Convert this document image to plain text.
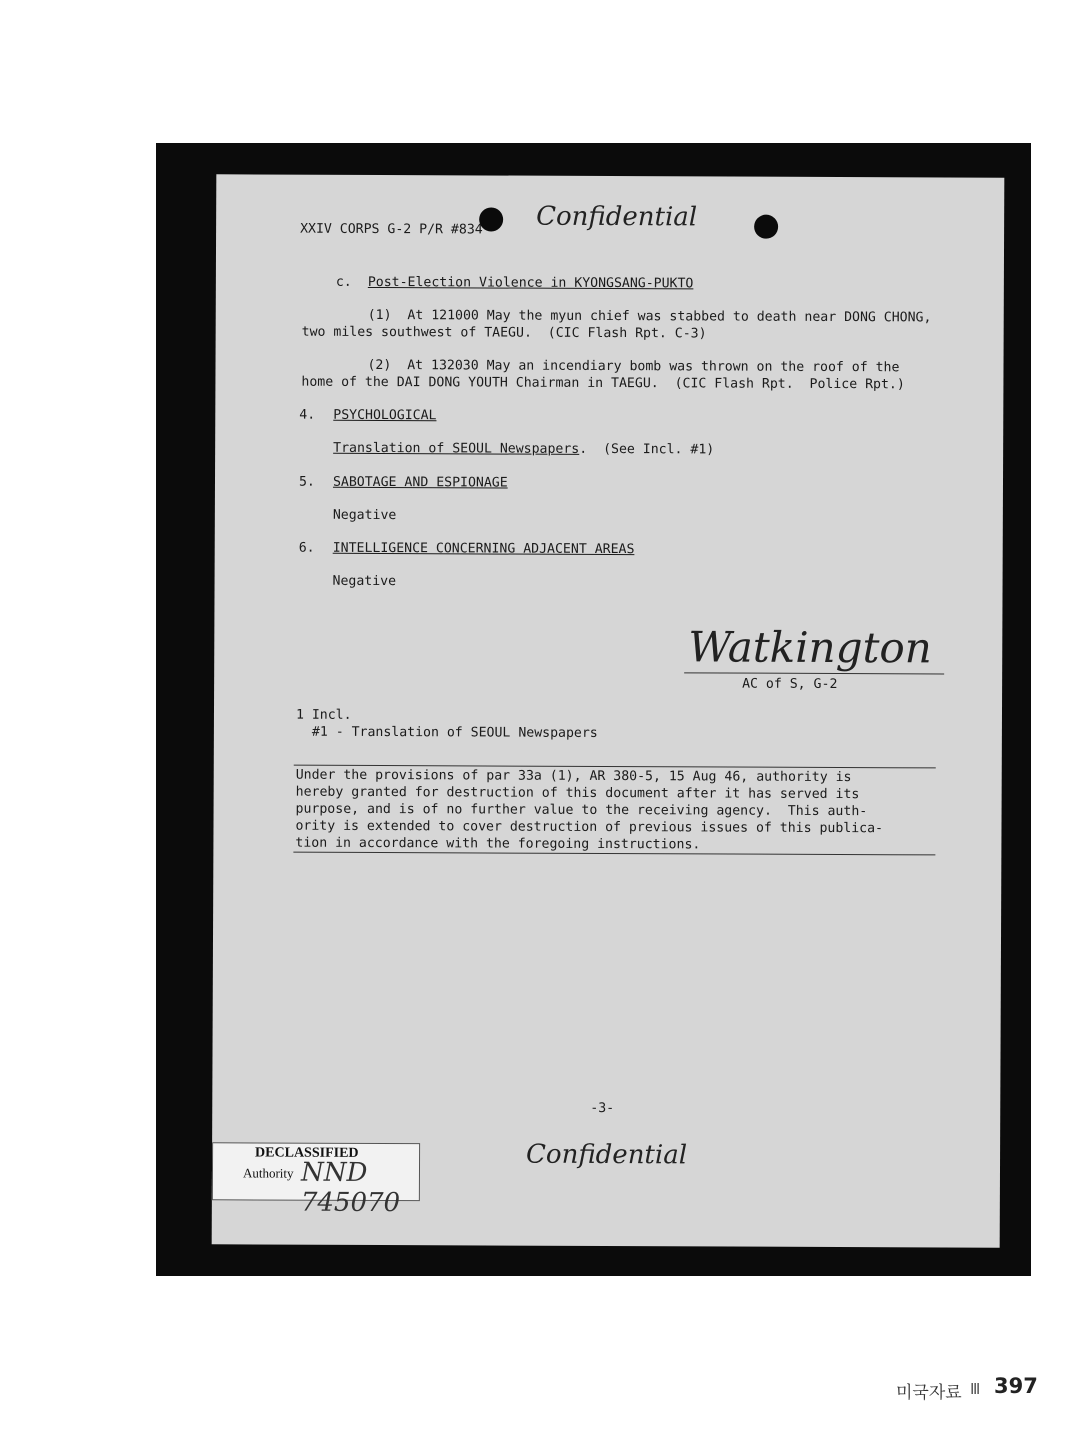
XXIV CORPS G-2 P/R #834 Confidential
c. Post-Election Violence in KYONGSANG-PUKTO
(1)  At 121000 May the myun chief was stabbed to death near DONG CHONG,
two miles southwest of TAEGU.  (CIC Flash Rpt. C-3)
(2)  At 132030 May an incendiary bomb was thrown on the roof of the
home of the DAI DONG YOUTH Chairman in TAEGU.  (CIC Flash Rpt.  Police Rpt.)
4. PSYCHOLOGICAL
Translation of SEOUL Newspapers.  (See Incl. #1)
5. SABOTAGE AND ESPIONAGE
Negative
6. INTELLIGENCE CONCERNING ADJACENT AREAS
Negative
Watkington
AC of S, G-2
1 Incl.
#1 - Translation of SEOUL Newspapers
Under the provisions of par 33a (1), AR 380-5, 15 Aug 46, authority is
hereby granted for destruction of this document after it has served its
purpose, and is of no further value to the receiving agency.  This auth-
ority is extended to cover destruction of previous issues of this publica-
tion in accordance with the foregoing instructions.
-3-
Confidential
DECLASSIFIED
Authority NND 745070
미국자료 Ⅲ 397
